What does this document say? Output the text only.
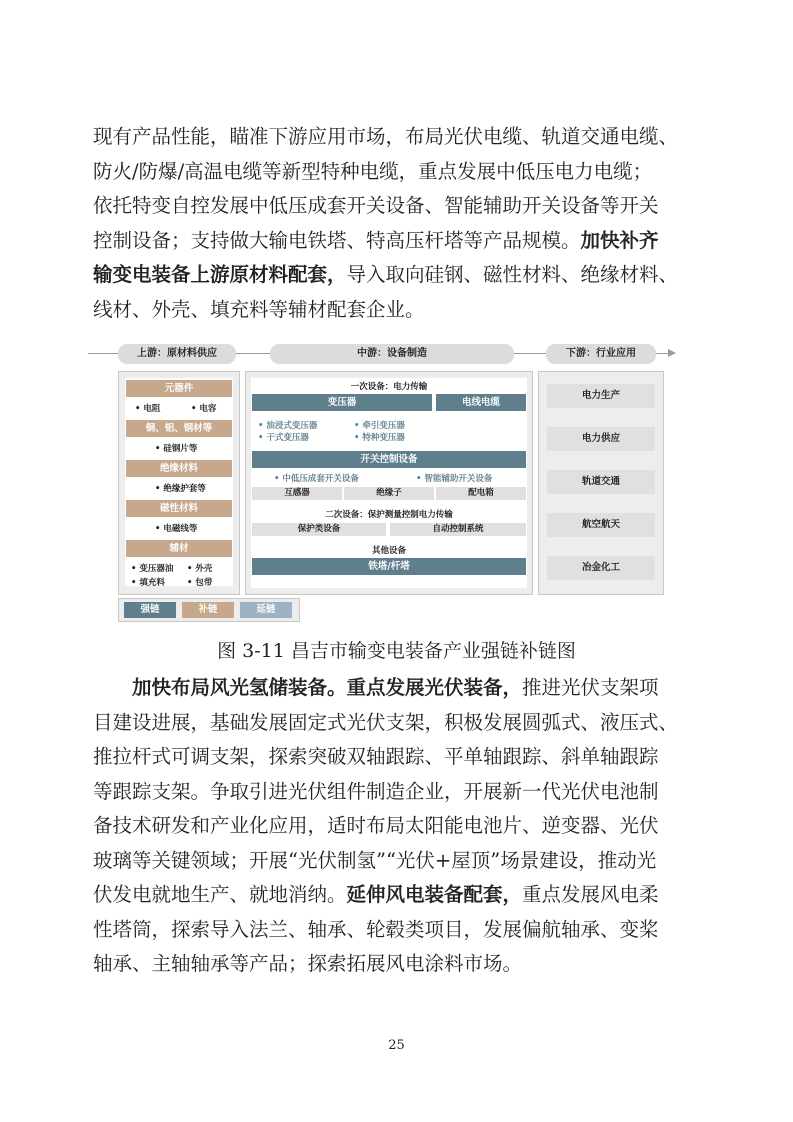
现有产品性能，瞄准下游应用市场，布局光伏电缆、轨道交通电缆、
防火/防爆/高温电缆等新型特种电缆，重点发展中低压电力电缆；
依托特变自控发展中低压成套开关设备、智能辅助开关设备等开关
控制设备；支持做大输电铁塔、特高压杆塔等产品规模。加快补齐
输变电装备上游原材料配套，导入取向硅钢、磁性材料、绝缘材料、
线材、外壳、填充料等辅材配套企业。

上游：原材料供应	中游：设备制造	下游：行业应用
元器件
• 电阻	• 电容
铜、铝、钢材等
• 硅钢片等
绝缘材料
• 绝缘护套等
磁性材料
• 电磁线等
辅材
• 变压器油 • 外壳
• 填充料	• 包带
一次设备：电力传输
变压器	电线电缆
• 油浸式变压器	• 牵引变压器
• 干式变压器	• 特种变压器
开关控制设备
• 中低压成套开关设备	• 智能辅助开关设备
互感器	绝缘子	配电箱
二次设备：保护测量控制电力传输
保护类设备	自动控制系统
其他设备
铁塔/杆塔
电力生产
电力供应
轨道交通
航空航天
冶金化工
强链	补链	延链
图 3-11 昌吉市输变电装备产业强链补链图

加快布局风光氢储装备。重点发展光伏装备，推进光伏支架项
目建设进展，基础发展固定式光伏支架，积极发展圆弧式、液压式、
推拉杆式可调支架，探索突破双轴跟踪、平单轴跟踪、斜单轴跟踪
等跟踪支架。争取引进光伏组件制造企业，开展新一代光伏电池制
备技术研发和产业化应用，适时布局太阳能电池片、逆变器、光伏
玻璃等关键领域；开展“光伏制氢”“光伏+屋顶”场景建设，推动光
伏发电就地生产、就地消纳。延伸风电装备配套，重点发展风电柔
性塔筒，探索导入法兰、轴承、轮毂类项目，发展偏航轴承、变桨
轴承、主轴轴承等产品；探索拓展风电涂料市场。

25
